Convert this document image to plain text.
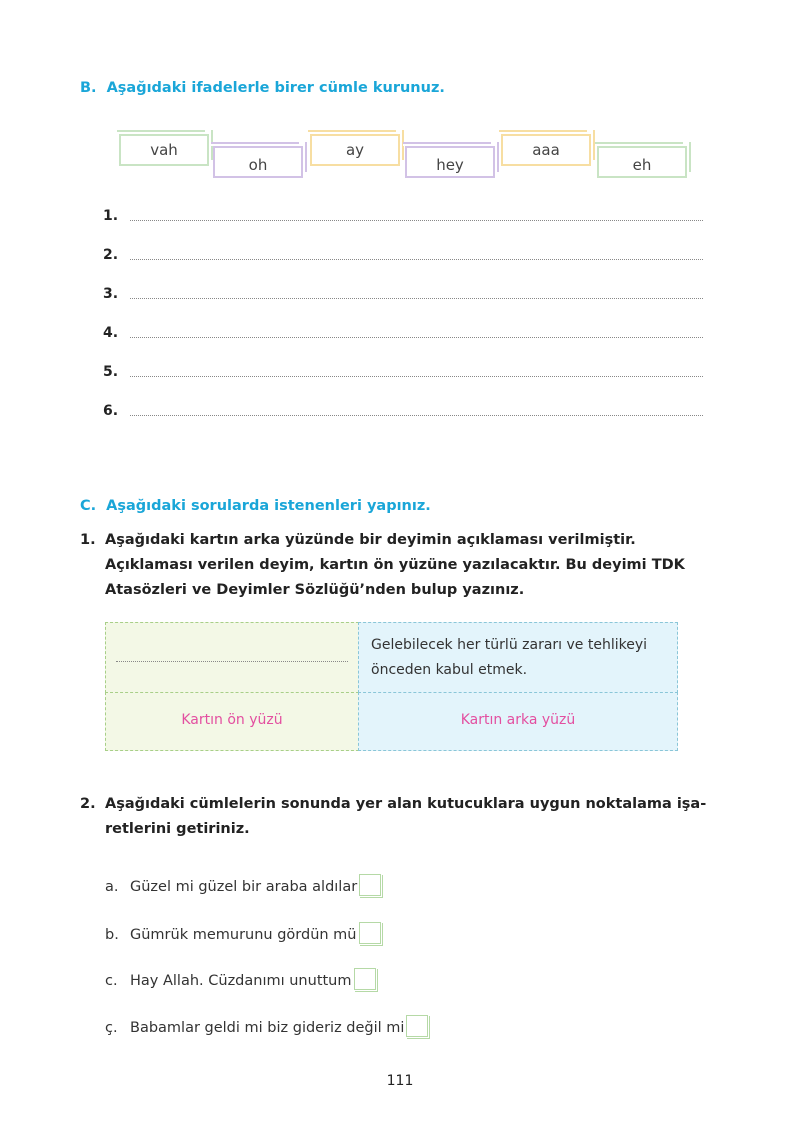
B. Aşağıdaki ifadelerle birer cümle kurunuz.
vah
oh
ay
hey
aaa
eh
1.
2.
3.
4.
5.
6.
C. Aşağıdaki sorularda istenenleri yapınız.
1. Aşağıdaki kartın arka yüzünde bir deyimin açıklaması verilmiştir. Açıklaması verilen deyim, kartın ön yüzüne yazılacaktır. Bu deyimi TDK Atasözleri ve Deyimler Sözlüğü’nden bulup yazınız.
Gelebilecek her türlü zararı ve tehlikeyi önceden kabul etmek.
Kartın ön yüzü	Kartın arka yüzü
2. Aşağıdaki cümlelerin sonunda yer alan kutucuklara uygun noktalama işa-retlerini getiriniz.
a. Güzel mi güzel bir araba aldılar
b. Gümrük memurunu gördün mü
c. Hay Allah. Cüzdanımı unuttum
ç. Babamlar geldi mi biz gideriz değil mi
111
